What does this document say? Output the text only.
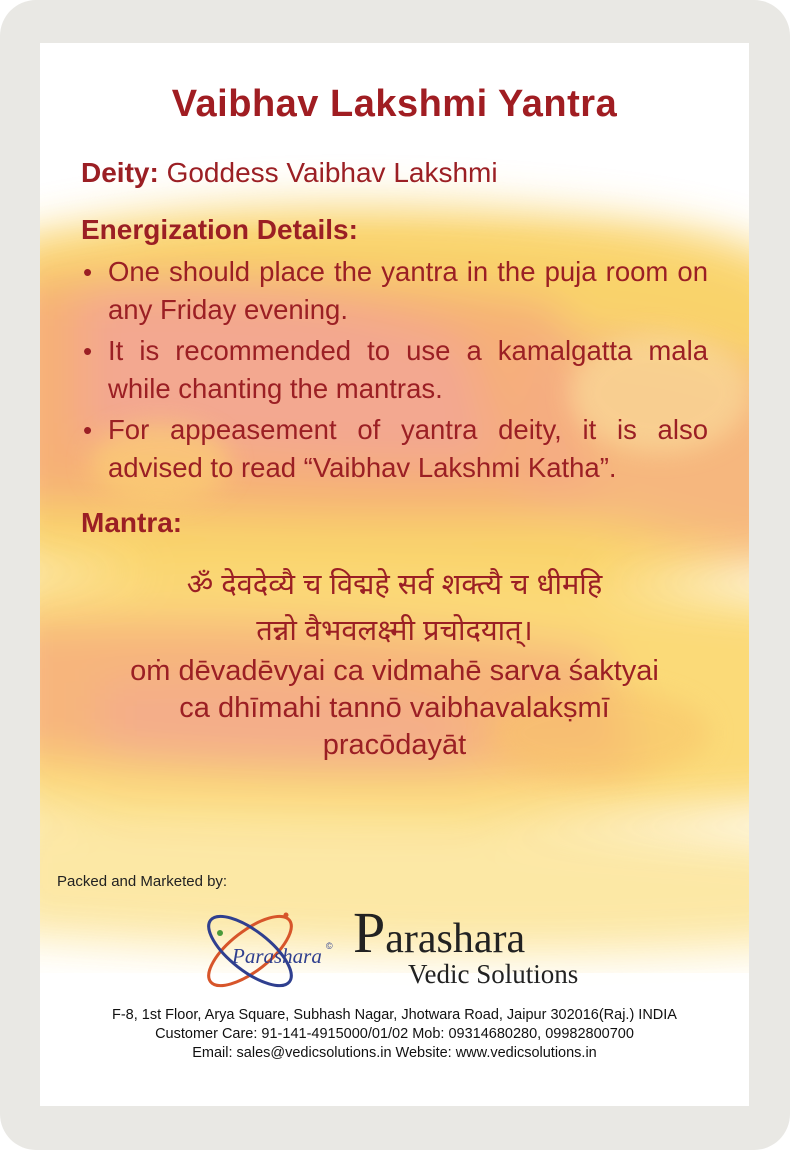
Vaibhav Lakshmi Yantra
Deity: Goddess Vaibhav Lakshmi
Energization Details:
• One should place the yantra in the puja room on any Friday evening.
• It is recommended to use a kamalgatta mala while chanting the mantras.
• For appeasement of yantra deity, it is also advised to read “Vaibhav Lakshmi Katha”.
Mantra:
ॐ देवदेव्यै च विद्महे सर्व शक्त्यै च धीमहि
तन्नो वैभवलक्ष्मी प्रचोदयात्।
oṁ dēvadēvyai ca vidmahē sarva śaktyai
ca dhīmahi tannō vaibhavalakṣmī
pracōdayāt
Packed and Marketed by:
Parashara © Parashara
Vedic Solutions
F-8, 1st Floor, Arya Square, Subhash Nagar, Jhotwara Road, Jaipur 302016(Raj.) INDIA
Customer Care: 91-141-4915000/01/02 Mob: 09314680280, 09982800700
Email: sales@vedicsolutions.in Website: www.vedicsolutions.in
